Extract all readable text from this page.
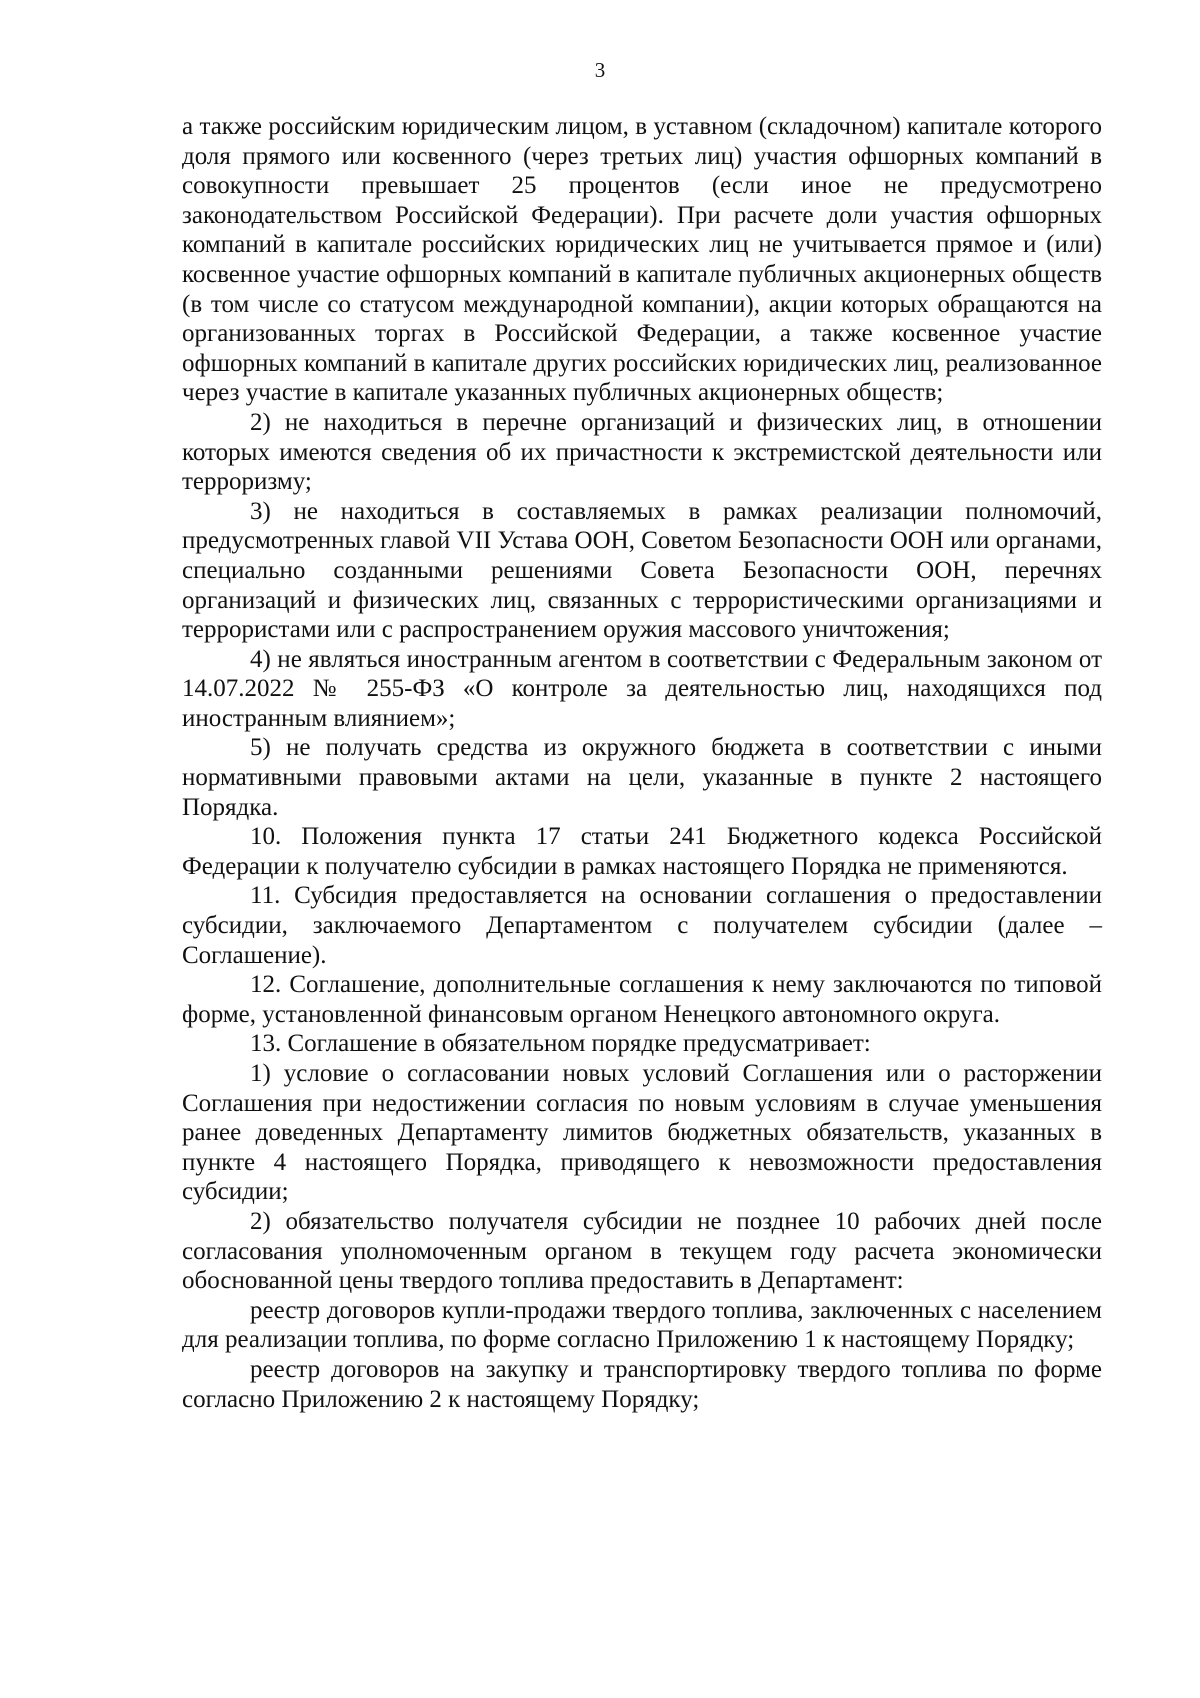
3

а также российским юридическим лицом, в уставном (складочном) капитале которого доля прямого или косвенного (через третьих лиц) участия офшорных компаний в совокупности превышает 25 процентов (если иное не предусмотрено законодательством Российской Федерации). При расчете доли участия офшорных компаний в капитале российских юридических лиц не учитывается прямое и (или) косвенное участие офшорных компаний в капитале публичных акционерных обществ (в том числе со статусом международной компании), акции которых обращаются на организованных торгах в Российской Федерации, а также косвенное участие офшорных компаний в капитале других российских юридических лиц, реализованное через участие в капитале указанных публичных акционерных обществ;

2) не находиться в перечне организаций и физических лиц, в отношении которых имеются сведения об их причастности к экстремистской деятельности или терроризму;

3) не находиться в составляемых в рамках реализации полномочий, предусмотренных главой VII Устава ООН, Советом Безопасности ООН или органами, специально созданными решениями Совета Безопасности ООН, перечнях организаций и физических лиц, связанных с террористическими организациями и террористами или с распространением оружия массового уничтожения;

4) не являться иностранным агентом в соответствии с Федеральным законом от 14.07.2022 № 255-ФЗ «О контроле за деятельностью лиц, находящихся под иностранным влиянием»;

5) не получать средства из окружного бюджета в соответствии с иными нормативными правовыми актами на цели, указанные в пункте 2 настоящего Порядка.

10. Положения пункта 17 статьи 241 Бюджетного кодекса Российской Федерации к получателю субсидии в рамках настоящего Порядка не применяются.

11. Субсидия предоставляется на основании соглашения о предоставлении субсидии, заключаемого Департаментом с получателем субсидии (далее – Соглашение).

12. Соглашение, дополнительные соглашения к нему заключаются по типовой форме, установленной финансовым органом Ненецкого автономного округа.

13. Соглашение в обязательном порядке предусматривает:

1) условие о согласовании новых условий Соглашения или о расторжении Соглашения при недостижении согласия по новым условиям в случае уменьшения ранее доведенных Департаменту лимитов бюджетных обязательств, указанных в пункте 4 настоящего Порядка, приводящего к невозможности предоставления субсидии;

2) обязательство получателя субсидии не позднее 10 рабочих дней после согласования уполномоченным органом в текущем году расчета экономически обоснованной цены твердого топлива предоставить в Департамент:

реестр договоров купли-продажи твердого топлива, заключенных с населением для реализации топлива, по форме согласно Приложению 1 к настоящему Порядку;

реестр договоров на закупку и транспортировку твердого топлива по форме согласно Приложению 2 к настоящему Порядку;
